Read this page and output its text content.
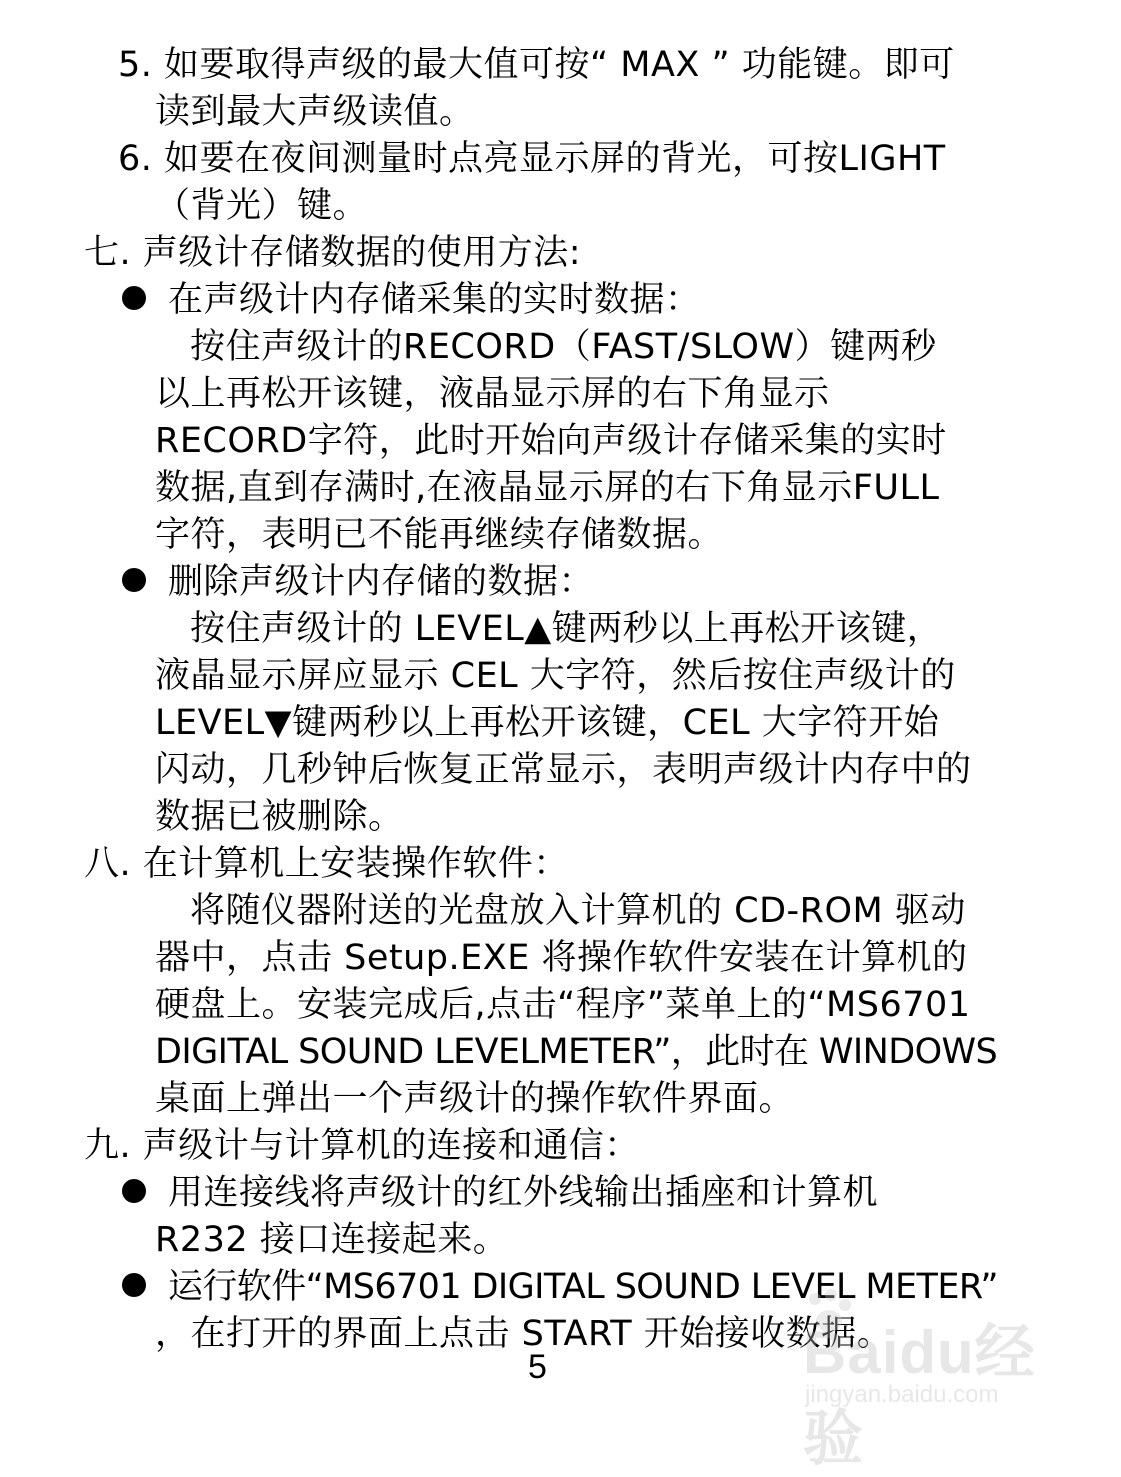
5. 如要取得声级的最大值可按“ MAX ” 功能键。即可
读到最大声级读值。
6. 如要在夜间测量时点亮显示屏的背光，可按LIGHT
（背光）键。
七. 声级计存储数据的使用方法:
在声级计内存储采集的实时数据：
按住声级计的RECORD（FAST/SLOW）键两秒
以上再松开该键，液晶显示屏的右下角显示
RECORD字符，此时开始向声级计存储采集的实时
数据,直到存满时,在液晶显示屏的右下角显示FULL
字符，表明已不能再继续存储数据。
删除声级计内存储的数据：
按住声级计的 LEVEL▲键两秒以上再松开该键，
液晶显示屏应显示 CEL 大字符，然后按住声级计的
LEVEL▼键两秒以上再松开该键，CEL 大字符开始
闪动，几秒钟后恢复正常显示，表明声级计内存中的
数据已被删除。
八. 在计算机上安装操作软件：
将随仪器附送的光盘放入计算机的 CD-ROM 驱动
器中，点击 Setup.EXE 将操作软件安装在计算机的
硬盘上。安装完成后,点击“程序”菜单上的“MS6701
DIGITAL SOUND LEVELMETER”，此时在 WINDOWS
桌面上弹出一个声级计的操作软件界面。
九. 声级计与计算机的连接和通信：
用连接线将声级计的红外线输出插座和计算机
R232 接口连接起来。
运行软件“MS6701 DIGITAL SOUND LEVEL METER”
，在打开的界面上点击 START 开始接收数据。
5	Baidu经验
jingyan.baidu.com
